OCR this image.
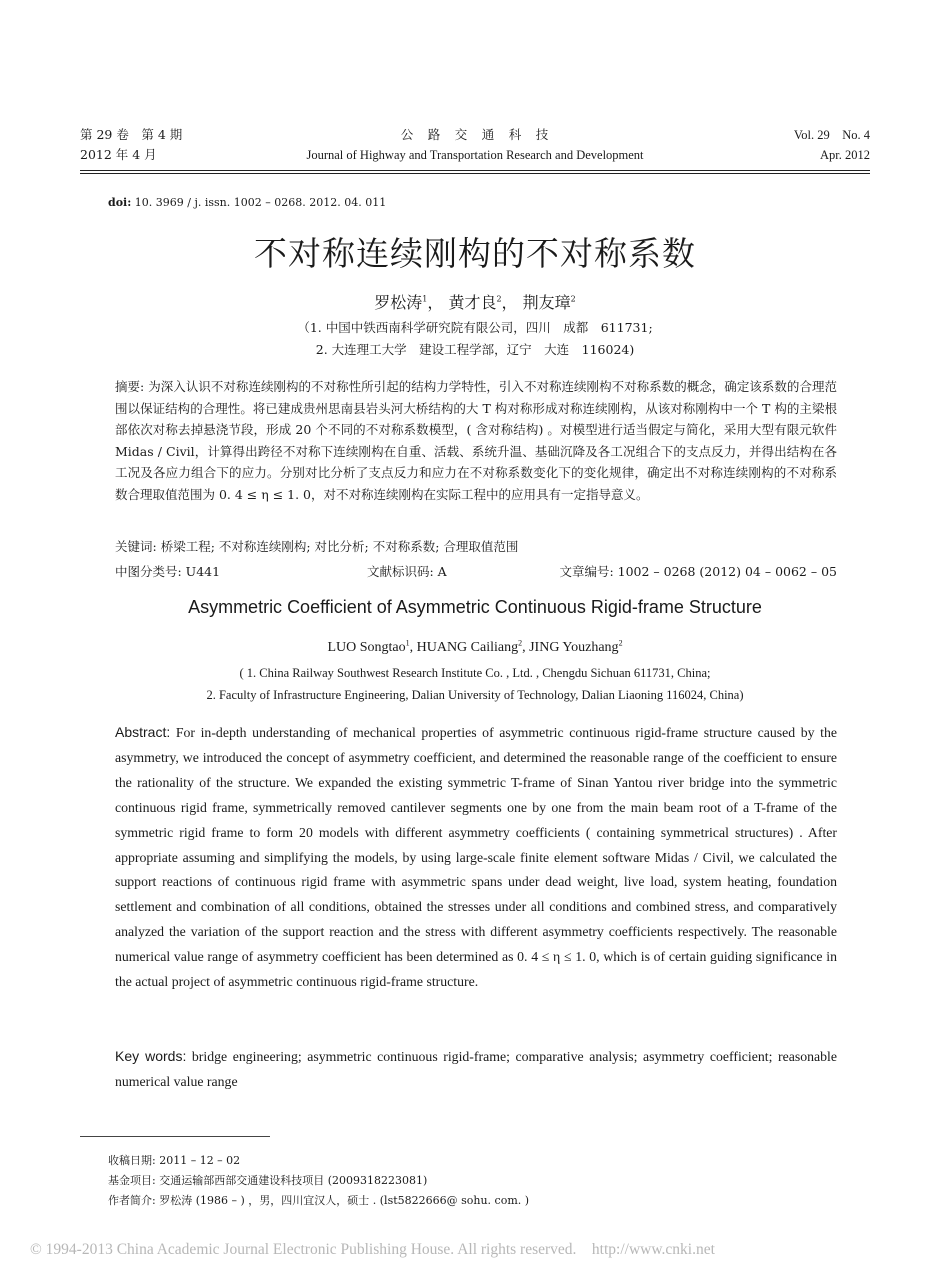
第 29 卷　第 4 期
2012 年 4 月
公　路　交　通　科　技
Journal of Highway and Transportation Research and Development
Vol. 29　No. 4
Apr. 2012
doi: 10. 3969 / j. issn. 1002 – 0268. 2012. 04. 011
不对称连续刚构的不对称系数
罗松涛$^1$， 黄才良$^2$， 荆友璋$^2$
（1. 中国中铁西南科学研究院有限公司，四川　成都　611731;
2. 大连理工大学　建设工程学部，辽宁　大连　116024)
摘要: 为深入认识不对称连续刚构的不对称性所引起的结构力学特性，引入不对称连续刚构不对称系数的概念，确定该系数的合理范围以保证结构的合理性。将已建成贵州思南县岩头河大桥结构的大 T 构对称形成对称连续刚构，从该对称刚构中一个 T 构的主梁根部依次对称去掉悬浇节段，形成 20 个不同的不对称系数模型，( 含对称结构) 。对模型进行适当假定与简化，采用大型有限元软件 Midas / Civil，计算得出跨径不对称下连续刚构在自重、活载、系统升温、基础沉降及各工况组合下的支点反力，并得出结构在各工况及各应力组合下的应力。分别对比分析了支点反力和应力在不对称系数变化下的变化规律，确定出不对称连续刚构的不对称系数合理取值范围为 0. 4 ≤ η ≤ 1. 0，对不对称连续刚构在实际工程中的应用具有一定指导意义。
关键词: 桥梁工程; 不对称连续刚构; 对比分析; 不对称系数; 合理取值范围
中图分类号: U441	文献标识码: A	文章编号: 1002 – 0268 (2012) 04 – 0062 – 05
Asymmetric Coefficient of Asymmetric Continuous Rigid-frame Structure
LUO Songtao$^1$, HUANG Cailiang$^2$, JING Youzhang$^2$
( 1. China Railway Southwest Research Institute Co. , Ltd. , Chengdu Sichuan 611731, China;
2. Faculty of Infrastructure Engineering, Dalian University of Technology, Dalian Liaoning 116024, China)
Abstract: For in-depth understanding of mechanical properties of asymmetric continuous rigid-frame structure caused by the asymmetry, we introduced the concept of asymmetry coefficient, and determined the reasonable range of the coefficient to ensure the rationality of the structure. We expanded the existing symmetric T-frame of Sinan Yantou river bridge into the symmetric continuous rigid frame, symmetrically removed cantilever segments one by one from the main beam root of a T-frame of the symmetric rigid frame to form 20 models with different asymmetry coefficients ( containing symmetrical structures) . After appropriate assuming and simplifying the models, by using large-scale finite element software Midas / Civil, we calculated the support reactions of continuous rigid frame with asymmetric spans under dead weight, live load, system heating, foundation settlement and combination of all conditions, obtained the stresses under all conditions and combined stress, and comparatively analyzed the variation of the support reaction and the stress with different asymmetry coefficients respectively. The reasonable numerical value range of asymmetry coefficient has been determined as 0. 4 ≤ η ≤ 1. 0, which is of certain guiding significance in the actual project of asymmetric continuous rigid-frame structure.
Key words: bridge engineering; asymmetric continuous rigid-frame; comparative analysis; asymmetry coefficient; reasonable numerical value range
收稿日期: 2011 – 12 – 02
基金项目: 交通运输部西部交通建设科技项目 (2009318223081)
作者简介: 罗松涛 (1986 – ) ，男，四川宜汉人，硕士 . (lst5822666@ sohu. com. )
© 1994-2013 China Academic Journal Electronic Publishing House. All rights reserved.　http://www.cnki.net
